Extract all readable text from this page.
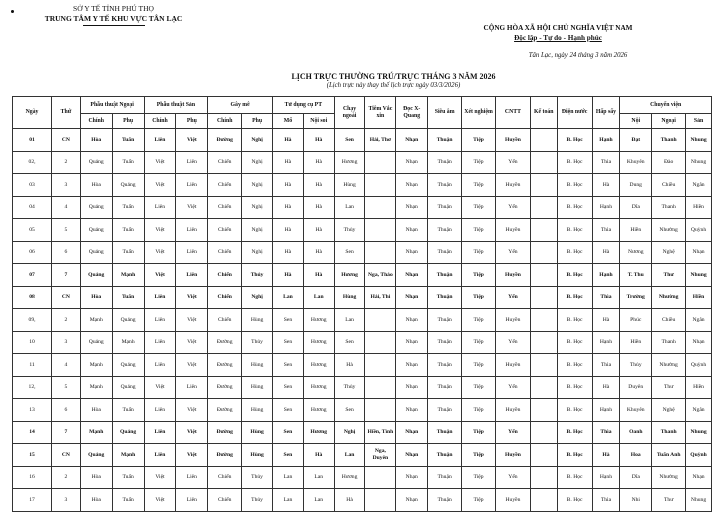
SỞ Y TẾ TỈNH PHÚ THỌ
TRUNG TÂM Y TẾ KHU VỰC TÂN LẠC
CỘNG HÒA XÃ HỘI CHỦ NGHĨA VIỆT NAM
Độc lập - Tự do - Hạnh phúc
Tân Lạc, ngày 24 tháng 3 năm 2026
LỊCH TRỰC THƯỜNG TRÚ/TRỰC THÁNG 3 NĂM 2026
(Lịch trực này thay thế lịch trực ngày 03/3/2026)
Ngày	Thứ	Phẫu thuật Ngoại		Phẫu thuật Sản		Gây mê		Tử dụng cụ PT		Chạy ngoài	Tiêm Vắc xin	Đọc X-Quang	Siêu âm	Xét nghiệm	CNTT	Kế toán	Điện nước	Hấp sấy	Chuyển viện		
		Chính	Phụ	Chính	Phụ	Chính	Phụ	Mổ	Nội soi										Nội	Ngoại	Sản
01	CN	Hòa	Tuấn	Liên	Việt	Đường	Nghị	Hà	Hà	Sen	Hải, Thơ	Nhạn	Thuận	Tiệp	Huyền		B. Học	Hạnh	Đạt	Thanh	Nhung
02,	2	Quảng	Tuấn	Việt	Liên	Chiến	Nghị	Hà	Hà	Hương		Nhạn	Thuận	Tiệp	Yến		B. Học	Thìa	Khuyên	Đào	Nhung
03	3	Hòa	Quảng	Việt	Liên	Chiến	Nghị	Hà	Hà	Hùng		Nhạn	Thuận	Tiệp	Huyền		B. Học	Hà	Dung	Chiều	Ngân
04	4	Quảng	Tuấn	Liên	Việt	Chiến	Nghị	Hà	Hà	Lan		Nhạn	Thuận	Tiệp	Yến		B. Học	Hạnh	Dĩa	Thanh	Hiền
05	5	Quảng	Tuấn	Việt	Liên	Chiến	Nghị	Hà	Hà	Thủy		Nhạn	Thuận	Tiệp	Huyền		B. Học	Thìa	Hiền	Nhường	Quỳnh
06	6	Quảng	Tuấn	Việt	Liên	Chiến	Nghị	Hà	Hà	Sen		Nhạn	Thuận	Tiệp	Yến		B. Học	Hà	Nương	Nghệ	Nhạn
07	7	Quảng	Mạnh	Việt	Liên	Chiến	Thủy	Hà	Hà	Hương	Nga, Thảo	Nhạn	Thuận	Tiệp	Huyền		B. Học	Hạnh	T. Thu	Thư	Nhung
08	CN	Hòa	Tuấn	Liên	Việt	Chiến	Nghị	Lan	Lan	Hùng	Hải, Thi	Nhạn	Thuận	Tiệp	Yến		B. Học	Thìa	Trường	Nhường	Hiền
09,	2	Mạnh	Quảng	Liên	Việt	Chiến	Hùng	Sen	Hương	Lan		Nhạn	Thuận	Tiệp	Huyền		B. Học	Hà	Phúc	Chiều	Ngân
10	3	Quảng	Mạnh	Liên	Việt	Đường	Thủy	Sen	Hương	Sen		Nhạn	Thuận	Tiệp	Yến		B. Học	Hạnh	Hiền	Thanh	Nhạn
11	4	Mạnh	Quảng	Liên	Việt	Đường	Hùng	Sen	Hương	Hà		Nhạn	Thuận	Tiệp	Huyền		B. Học	Thìa	Thủy	Nhường	Quỳnh
12,	5	Mạnh	Quảng	Việt	Liên	Đường	Hùng	Sen	Hương	Thủy		Nhạn	Thuận	Tiệp	Yến		B. Học	Hà	Duyên	Thư	Hiền
13	6	Hòa	Tuấn	Liên	Việt	Đường	Hùng	Sen	Hương	Sen		Nhạn	Thuận	Tiệp	Huyền		B. Học	Hạnh	Khuyên	Nghệ	Ngân
14	7	Mạnh	Quảng	Liên	Việt	Đường	Hùng	Sen	Hương	Nghị	Hiền, Tình	Nhạn	Thuận	Tiệp	Yến		B. Học	Thìa	Oanh	Thanh	Nhung
15	CN	Quảng	Mạnh	Liên	Việt	Đường	Hùng	Sen	Hà	Lan	Nga, Duyên	Nhạn	Thuận	Tiệp	Huyền		B. Học	Hà	Hoa	Tuấn Anh	Quỳnh
16	2	Hòa	Tuấn	Việt	Liên	Chiến	Thủy	Lan	Lan	Hương		Nhạn	Thuận	Tiệp	Yến		B. Học	Hạnh	Dĩa	Nhường	Nhạn
17	3	Hòa	Tuấn	Việt	Liên	Chiến	Thủy	Lan	Lan	Hà		Nhạn	Thuận	Tiệp	Huyền		B. Học	Thìa	Nhi	Thư	Nhung
